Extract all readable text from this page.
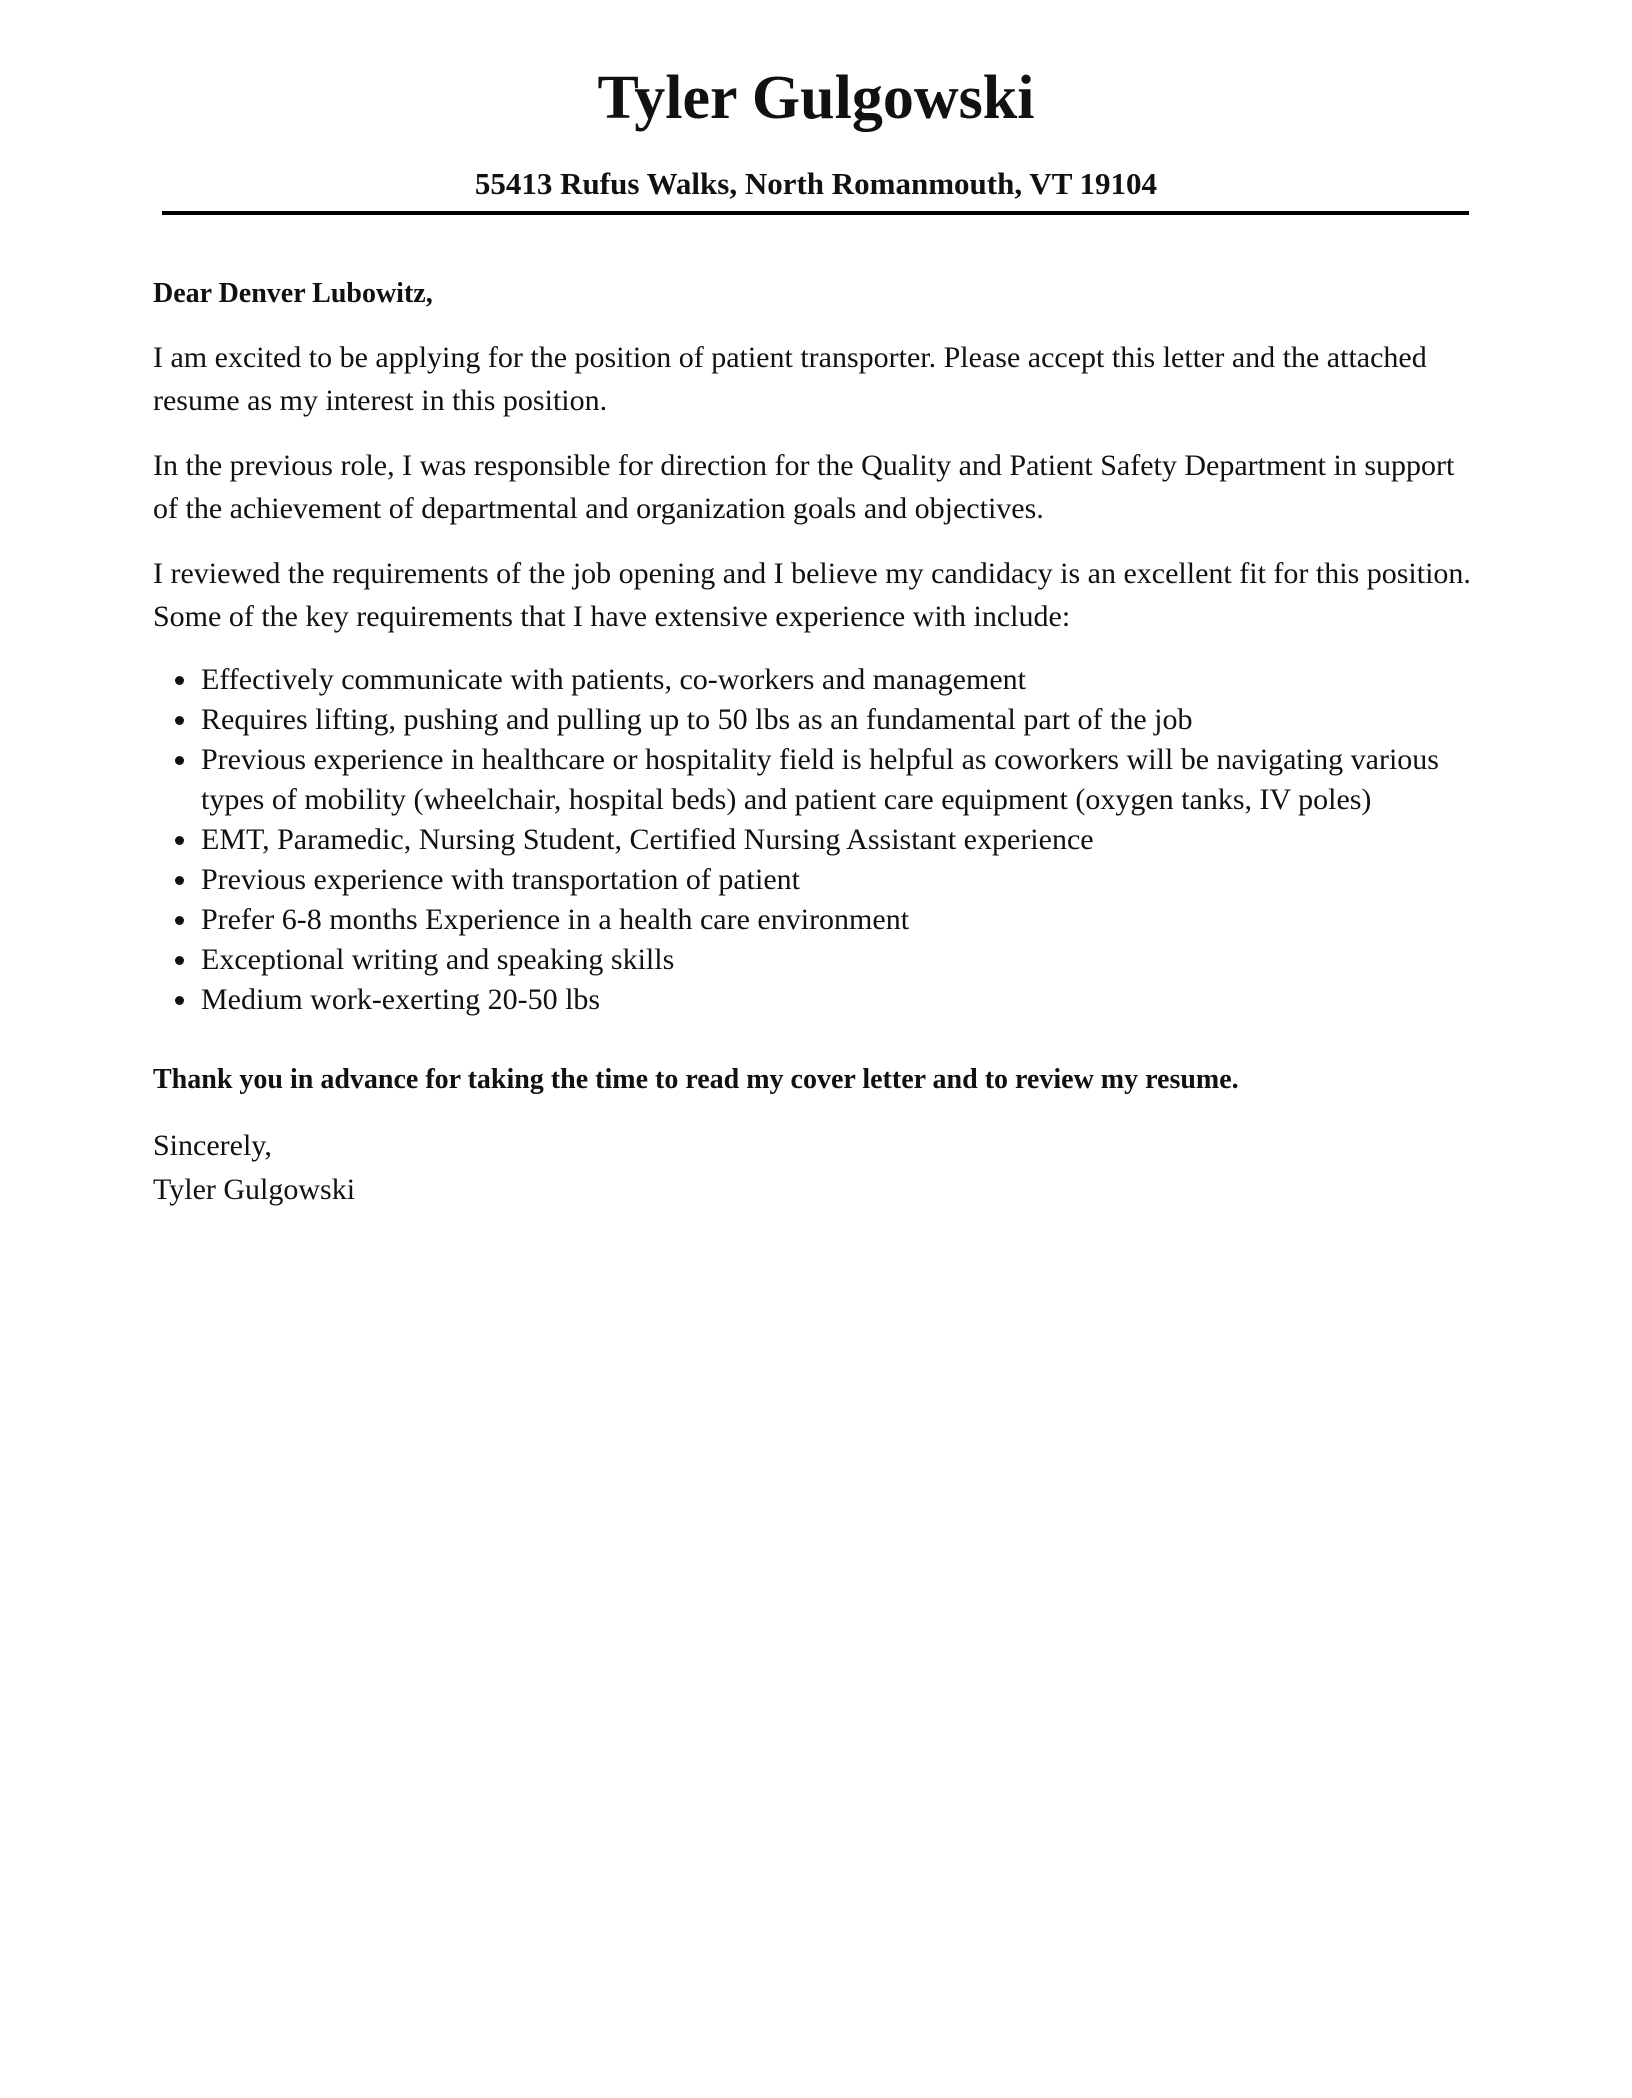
Tyler Gulgowski
55413 Rufus Walks, North Romanmouth, VT 19104

Dear Denver Lubowitz,

I am excited to be applying for the position of patient transporter. Please accept this letter and the attached resume as my interest in this position.

In the previous role, I was responsible for direction for the Quality and Patient Safety Department in support of the achievement of departmental and organization goals and objectives.

I reviewed the requirements of the job opening and I believe my candidacy is an excellent fit for this position. Some of the key requirements that I have extensive experience with include:

Effectively communicate with patients, co-workers and management
Requires lifting, pushing and pulling up to 50 lbs as an fundamental part of the job
Previous experience in healthcare or hospitality field is helpful as coworkers will be navigating various types of mobility (wheelchair, hospital beds) and patient care equipment (oxygen tanks, IV poles)
EMT, Paramedic, Nursing Student, Certified Nursing Assistant experience
Previous experience with transportation of patient
Prefer 6-8 months Experience in a health care environment
Exceptional writing and speaking skills
Medium work-exerting 20-50 lbs

Thank you in advance for taking the time to read my cover letter and to review my resume.

Sincerely,

Tyler Gulgowski
